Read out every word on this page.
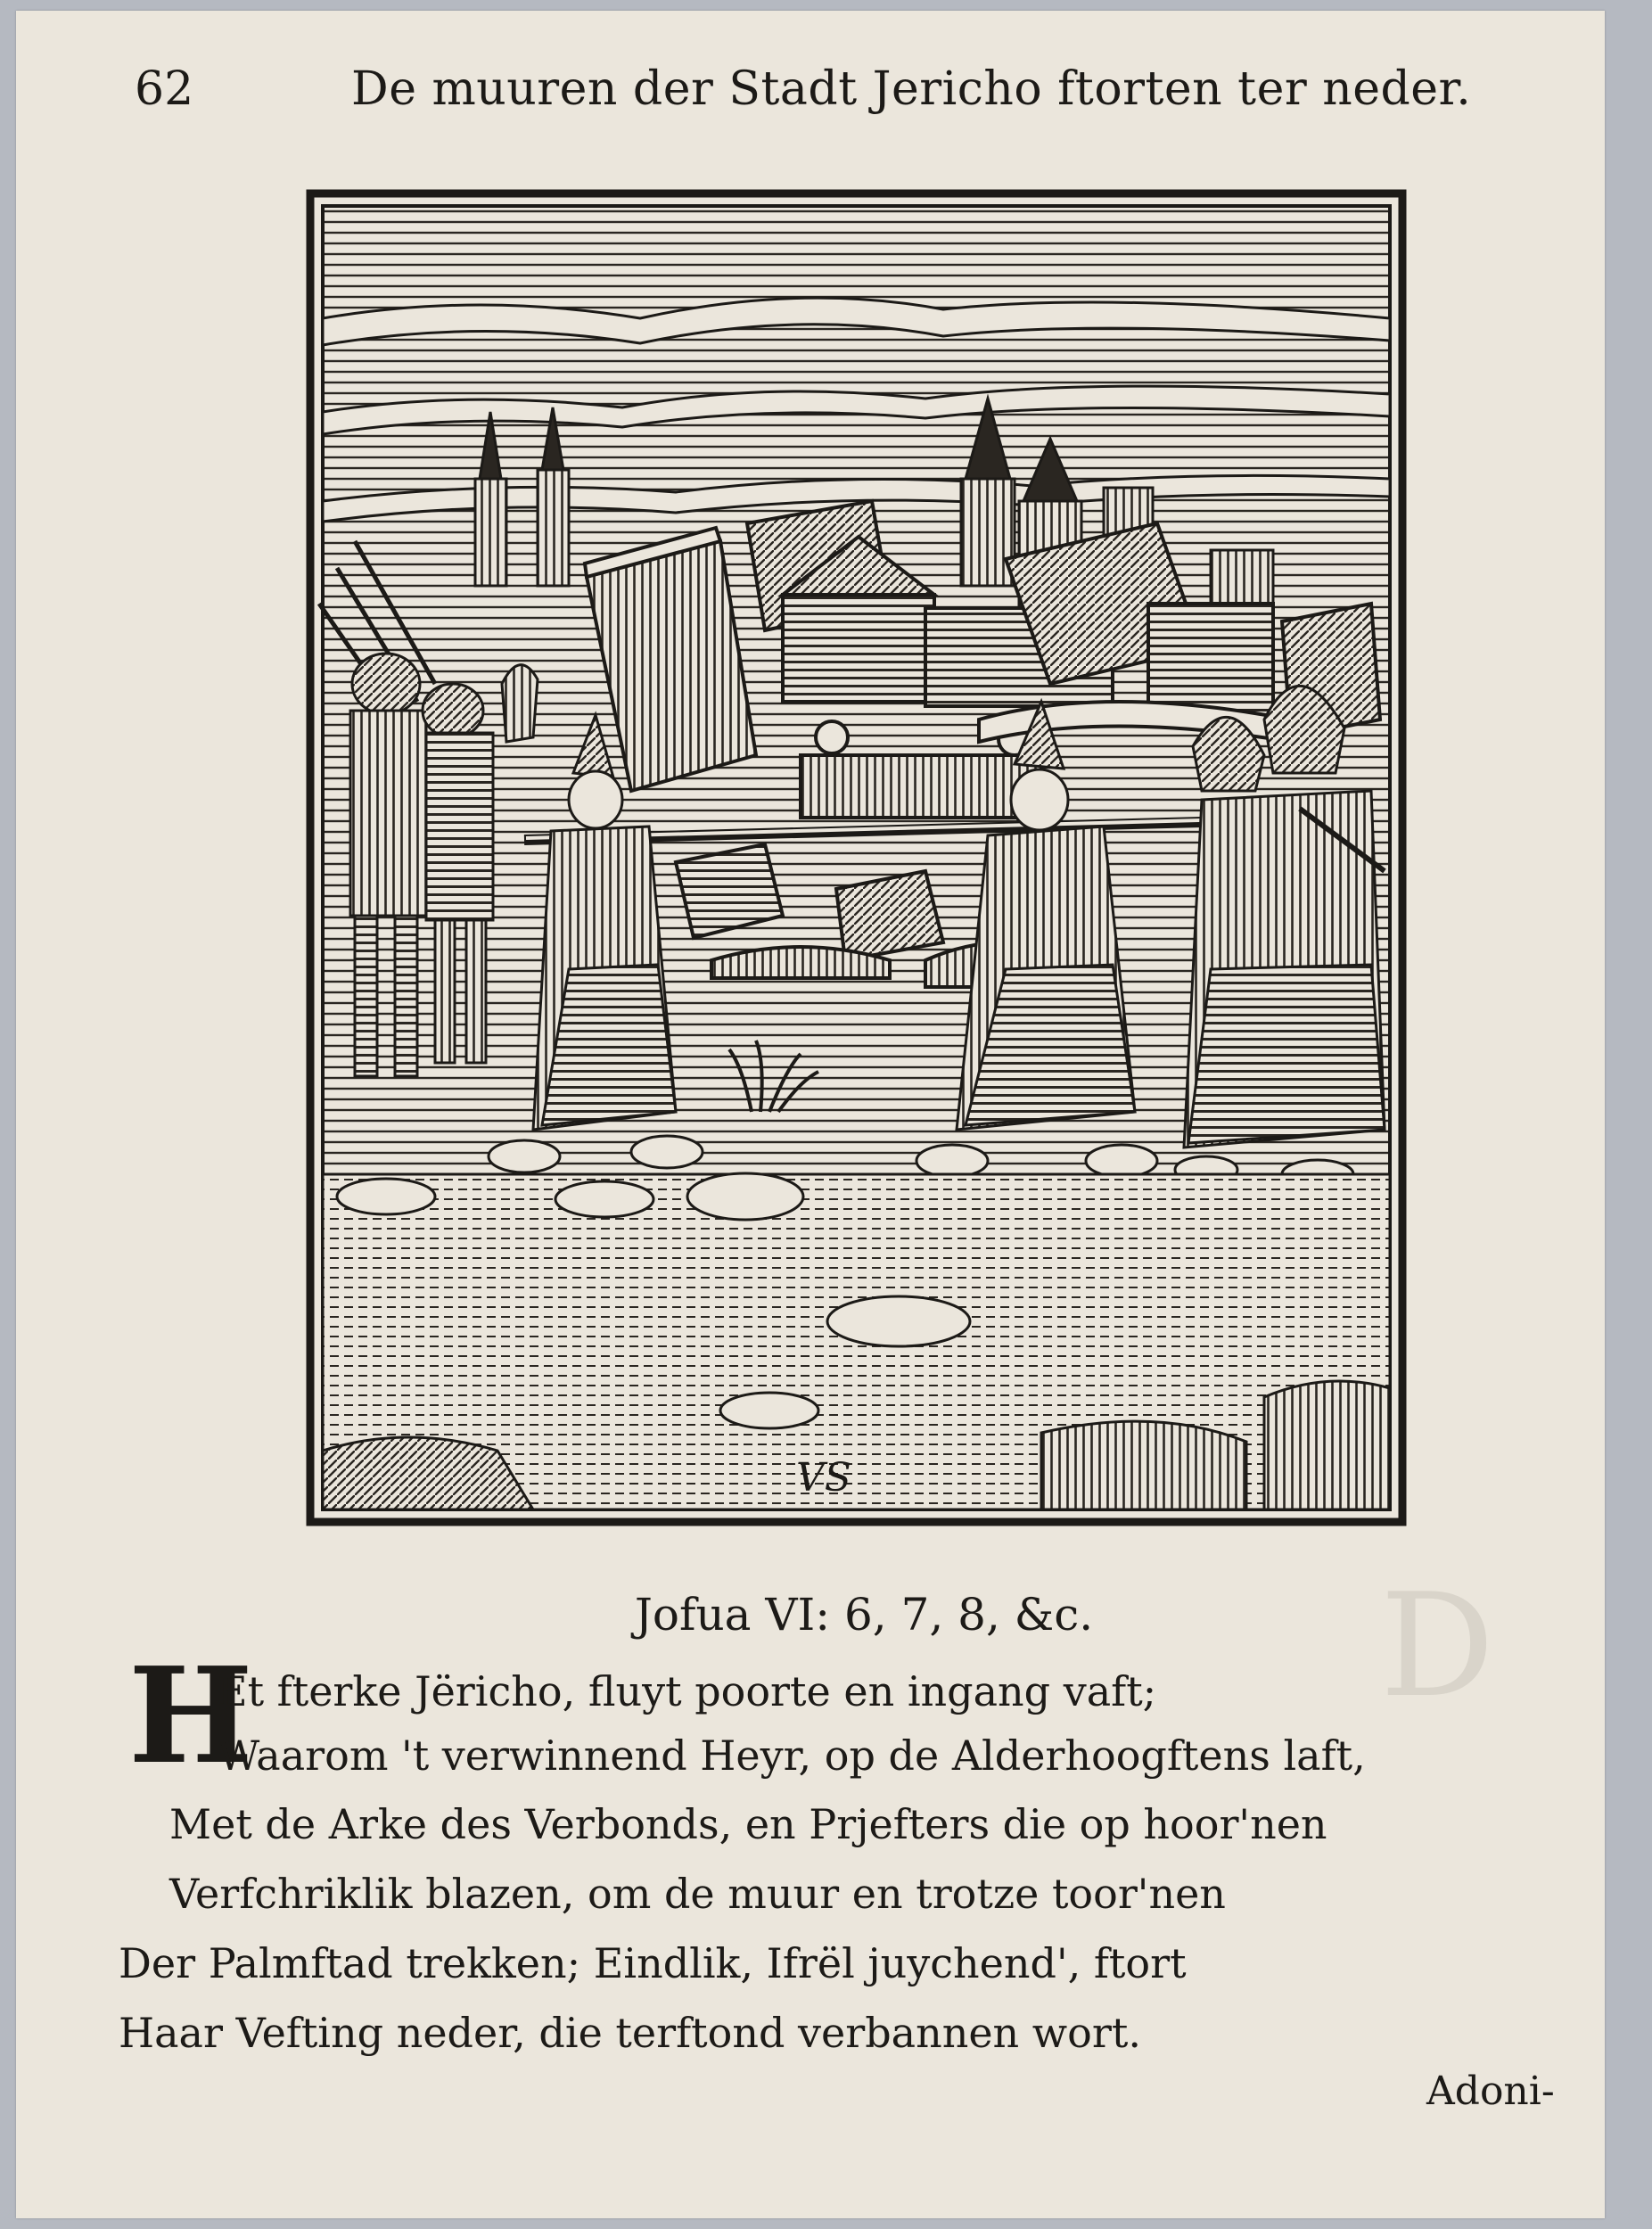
62	De muuren der Stadt Jericho ftorten ter neder.
D
VS
Jofua VI: 6, 7, 8, &c.
H
Et fterke Jëricho, fluyt poorte en ingang vaft;
Waarom 't verwinnend Heyr, op de Alderhoogftens laft,
Met de Arke des Verbonds, en Prjefters die op hoor'nen
Verfchriklik blazen, om de muur en trotze toor'nen
Der Palmftad trekken; Eindlik, Ifrël juychend', ftort
Haar Vefting neder, die terftond verbannen wort.
Adoni-
